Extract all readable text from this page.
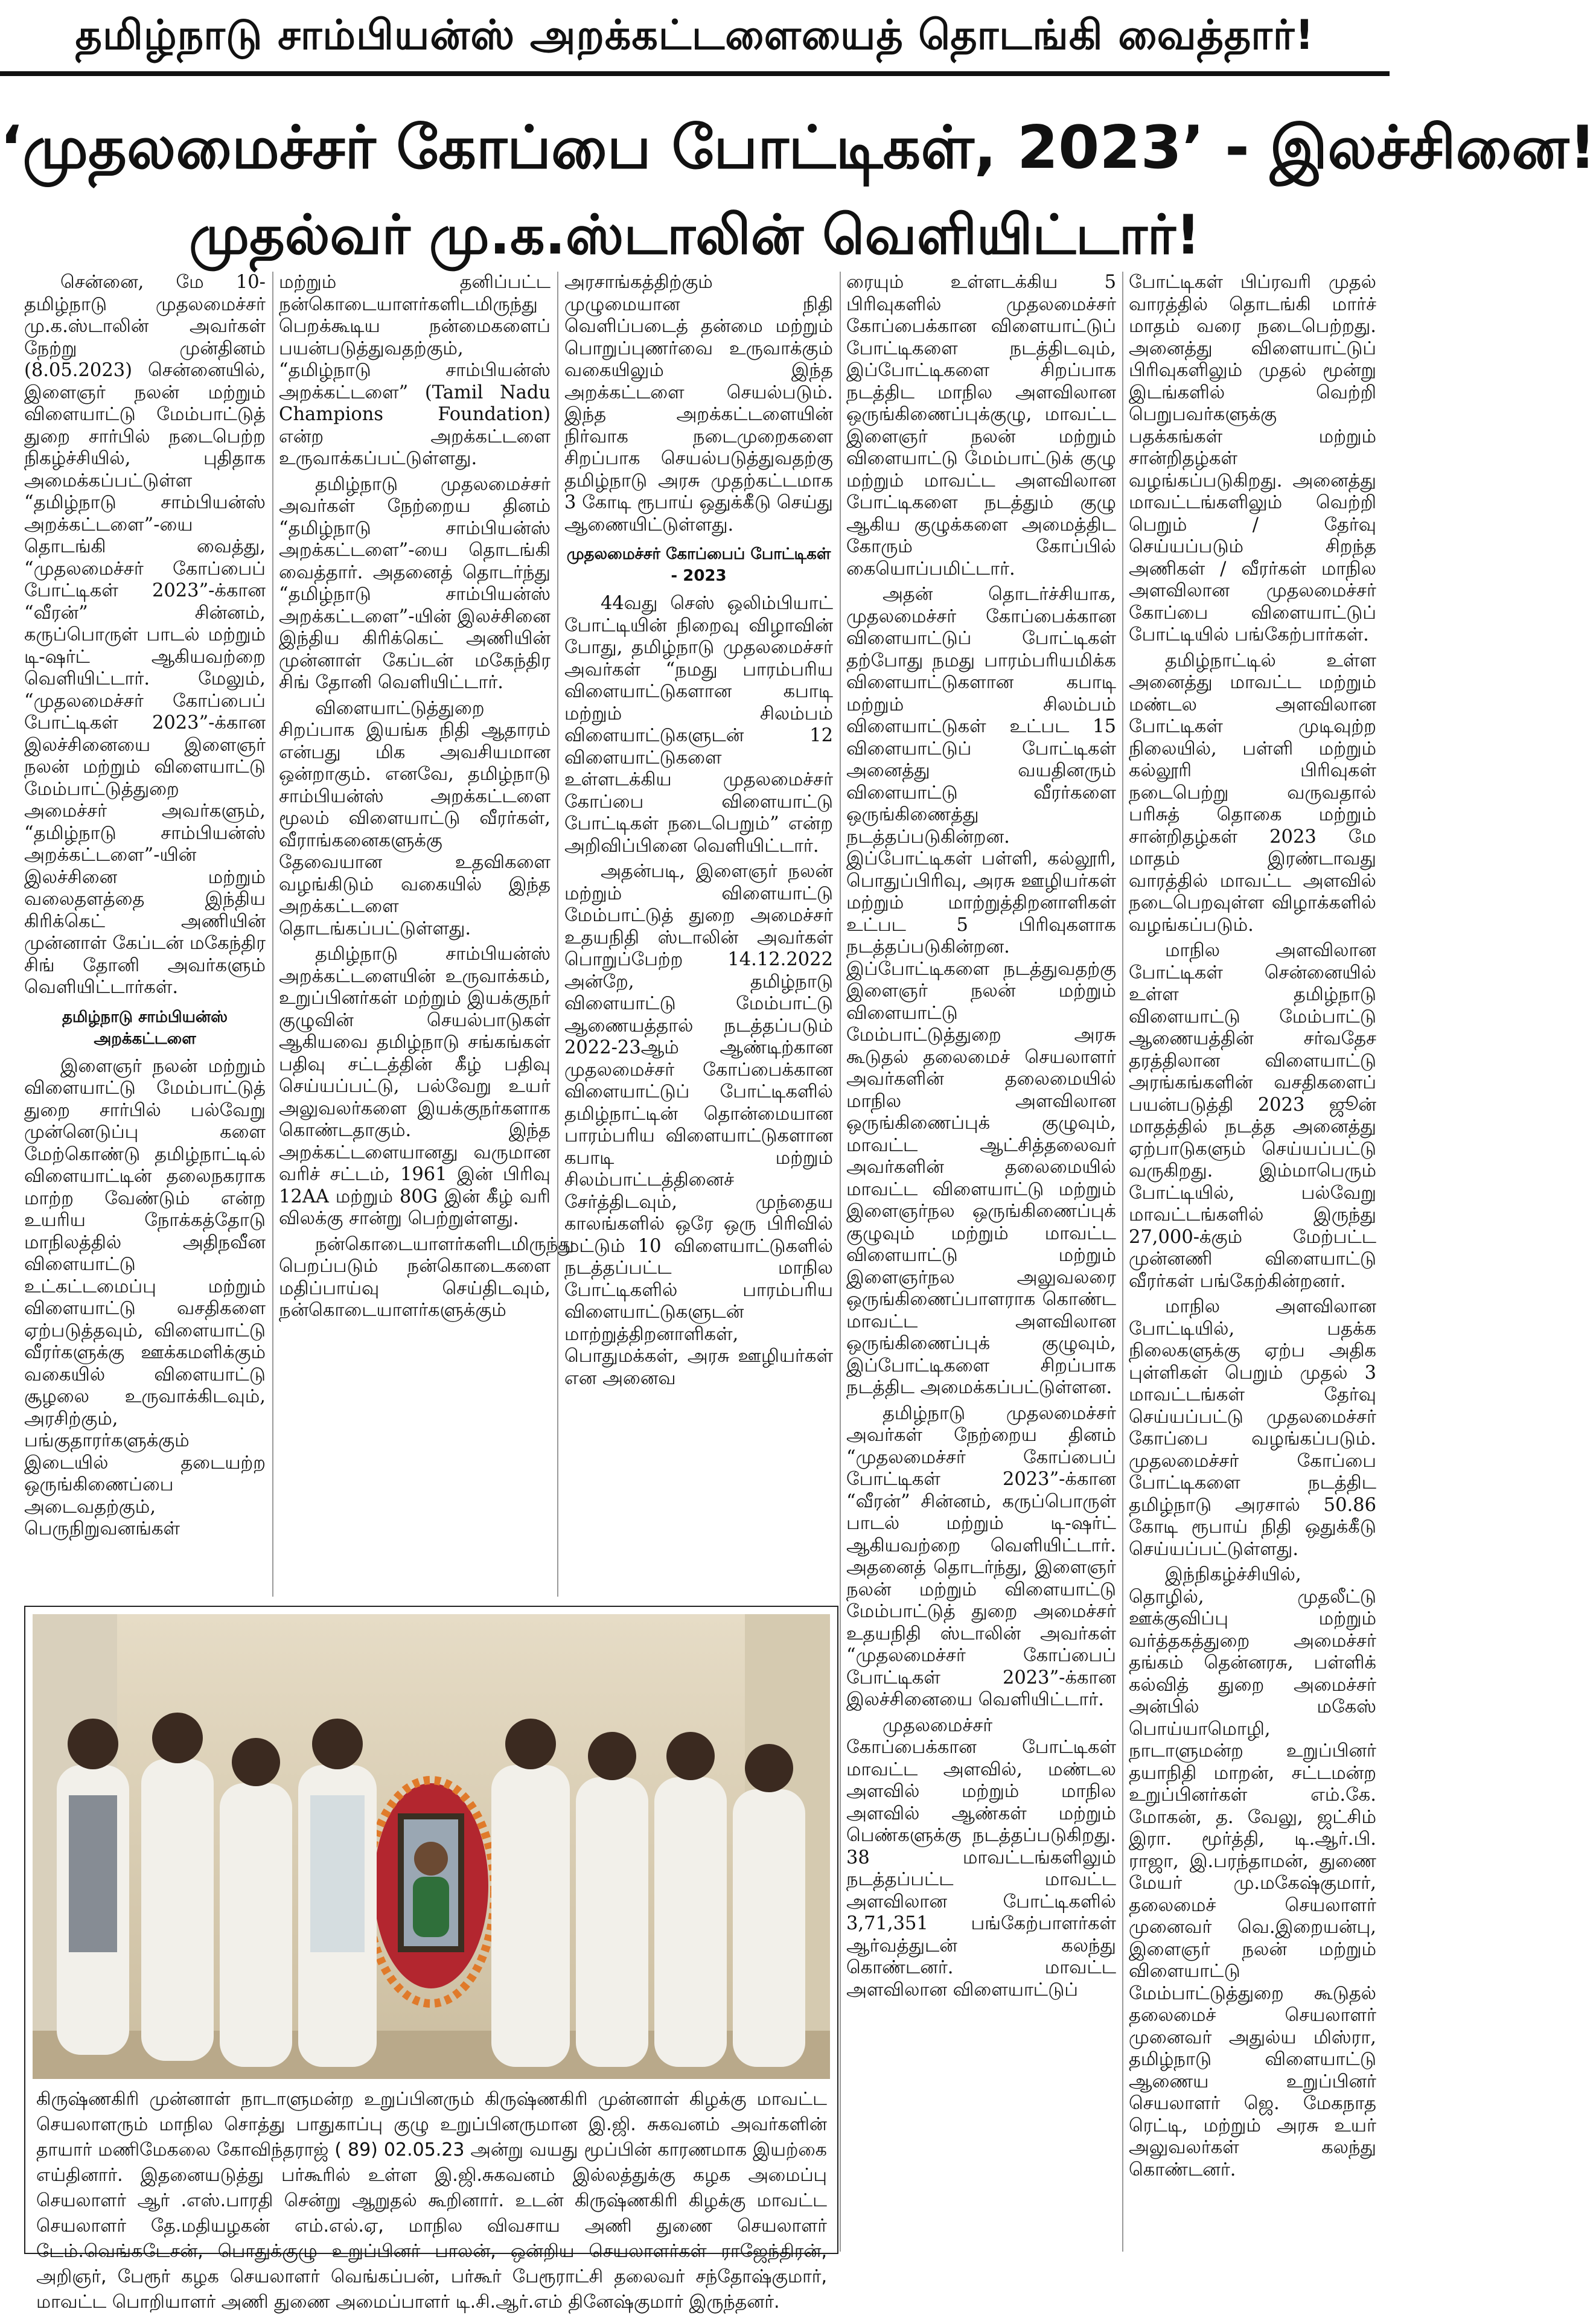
தமிழ்நாடு சாம்பியன்ஸ் அறக்கட்டளையைத் தொடங்கி வைத்தார்!
‘முதலமைச்சர் கோப்பை போட்டிகள், 2023’ - இலச்சினை!
முதல்வர் மு.க.ஸ்டாலின் வெளியிட்டார்!

சென்னை, மே 10- தமிழ்நாடு முதலமைச்சர் மு.க.ஸ்டாலின் அவர்கள் நேற்று முன்தினம் (8.05.2023) சென்னையில், இளைஞர் நலன் மற்றும் விளையாட்டு மேம்பாட்டுத் துறை சார்பில் நடைபெற்ற நிகழ்ச்சியில், புதிதாக அமைக்கப்பட்டுள்ள “தமிழ்நாடு சாம்பியன்ஸ் அறக்கட்டளை”-யை தொடங்கி வைத்து, “முதலமைச்சர் கோப்பைப் போட்டிகள் 2023”-க்கான “வீரன்” சின்னம், கருப்பொருள் பாடல் மற்றும் டி-ஷர்ட் ஆகியவற்றை வெளியிட்டார். மேலும், “முதலமைச்சர் கோப்பைப் போட்டிகள் 2023”-க்கான இலச்சினையை இளைஞர் நலன் மற்றும் விளையாட்டு மேம்பாட்டுத்துறை அமைச்சர் அவர்களும், “தமிழ்நாடு சாம்பியன்ஸ் அறக்கட்டளை”-யின் இலச்சினை மற்றும் வலைதளத்தை இந்திய கிரிக்கெட் அணியின் முன்னாள் கேப்டன் மகேந்திர சிங் தோனி அவர்களும் வெளியிட்டார்கள்.

தமிழ்நாடு சாம்பியன்ஸ் அறக்கட்டளை

இளைஞர் நலன் மற்றும் விளையாட்டு மேம்பாட்டுத் துறை சார்பில் பல்வேறு முன்னெடுப்பு களை மேற்கொண்டு தமிழ்நாட்டில் விளையாட்டின் தலைநகராக மாற்ற வேண்டும் என்ற உயரிய நோக்கத்தோடு மாநிலத்தில் அதிநவீன விளையாட்டு உட்கட்டமைப்பு மற்றும் விளையாட்டு வசதிகளை ஏற்படுத்தவும், விளையாட்டு வீரர்களுக்கு ஊக்கமளிக்கும் வகையில் விளையாட்டு சூழலை உருவாக்கிடவும், அரசிற்கும், பங்குதாரர்களுக்கும் இடையில் தடையற்ற ஒருங்கிணைப்பை அடைவதற்கும், பெருநிறுவனங்கள்

மற்றும் தனிப்பட்ட நன்கொடையாளர்களிடமிருந்து பெறக்கூடிய நன்மைகளைப் பயன்படுத்துவதற்கும், “தமிழ்நாடு சாம்பியன்ஸ் அறக்கட்டளை” (Tamil Nadu Champions Foundation) என்ற அறக்கட்டளை உருவாக்கப்பட்டுள்ளது.

தமிழ்நாடு முதலமைச்சர் அவர்கள் நேற்றைய தினம் “தமிழ்நாடு சாம்பியன்ஸ் அறக்கட்டளை”-யை தொடங்கி வைத்தார். அதனைத் தொடர்ந்து “தமிழ்நாடு சாம்பியன்ஸ் அறக்கட்டளை”-யின் இலச்சினை இந்திய கிரிக்கெட் அணியின் முன்னாள் கேப்டன் மகேந்திர சிங் தோனி வெளியிட்டார்.

விளையாட்டுத்துறை சிறப்பாக இயங்க நிதி ஆதாரம் என்பது மிக அவசியமான ஒன்றாகும். எனவே, தமிழ்நாடு சாம்பியன்ஸ் அறக்கட்டளை மூலம் விளையாட்டு வீரர்கள், வீராங்கனைகளுக்கு தேவையான உதவிகளை வழங்கிடும் வகையில் இந்த அறக்கட்டளை தொடங்கப்பட்டுள்ளது.

தமிழ்நாடு சாம்பியன்ஸ் அறக்கட்டளையின் உருவாக்கம், உறுப்பினர்கள் மற்றும் இயக்குநர் குழுவின் செயல்பாடுகள் ஆகியவை தமிழ்நாடு சங்கங்கள் பதிவு சட்டத்தின் கீழ் பதிவு செய்யப்பட்டு, பல்வேறு உயர் அலுவலர்களை இயக்குநர்களாக கொண்டதாகும். இந்த அறக்கட்டளையானது வருமான வரிச் சட்டம், 1961 இன் பிரிவு 12AA மற்றும் 80G இன் கீழ் வரி விலக்கு சான்று பெற்றுள்ளது.

நன்கொடையாளர்களிடமிருந்து பெறப்படும் நன்கொடைகளை மதிப்பாய்வு செய்திடவும், நன்கொடையாளர்களுக்கும்

அரசாங்கத்திற்கும் முழுமையான நிதி வெளிப்படைத் தன்மை மற்றும் பொறுப்புணர்வை உருவாக்கும் வகையிலும் இந்த அறக்கட்டளை செயல்படும். இந்த அறக்கட்டளையின் நிர்வாக நடைமுறைகளை சிறப்பாக செயல்படுத்துவதற்கு தமிழ்நாடு அரசு முதற்கட்டமாக 3 கோடி ரூபாய் ஒதுக்கீடு செய்து ஆணையிட்டுள்ளது.

முதலமைச்சர் கோப்பைப் போட்டிகள் - 2023

44வது செஸ் ஒலிம்பியாட் போட்டியின் நிறைவு விழாவின் போது, தமிழ்நாடு முதலமைச்சர் அவர்கள் “நமது பாரம்பரிய விளையாட்டுகளான கபாடி மற்றும் சிலம்பம் விளையாட்டுகளுடன் 12 விளையாட்டுகளை உள்ளடக்கிய முதலமைச்சர் கோப்பை விளையாட்டு போட்டிகள் நடைபெறும்” என்ற அறிவிப்பினை வெளியிட்டார்.

அதன்படி, இளைஞர் நலன் மற்றும் விளையாட்டு மேம்பாட்டுத் துறை அமைச்சர் உதயநிதி ஸ்டாலின் அவர்கள் பொறுப்பேற்ற 14.12.2022 அன்றே, தமிழ்நாடு விளையாட்டு மேம்பாட்டு ஆணையத்தால் நடத்தப்படும் 2022-23ஆம் ஆண்டிற்கான முதலமைச்சர் கோப்பைக்கான விளையாட்டுப் போட்டிகளில் தமிழ்நாட்டின் தொன்மையான பாரம்பரிய விளையாட்டுகளான கபாடி மற்றும் சிலம்பாட்டத்தினைச் சேர்த்திடவும், முந்தைய காலங்களில் ஒரே ஒரு பிரிவில் மட்டும் 10 விளையாட்டுகளில் நடத்தப்பட்ட மாநில போட்டிகளில் பாரம்பரிய விளையாட்டுகளுடன் மாற்றுத்திறனாளிகள், பொதுமக்கள், அரசு ஊழியர்கள் என அனைவ

ரையும் உள்ளடக்கிய 5 பிரிவுகளில் முதலமைச்சர் கோப்பைக்கான விளையாட்டுப் போட்டிகளை நடத்திடவும், இப்போட்டிகளை சிறப்பாக நடத்திட மாநில அளவிலான ஒருங்கிணைப்புக்குழு, மாவட்ட இளைஞர் நலன் மற்றும் விளையாட்டு மேம்பாட்டுக் குழு மற்றும் மாவட்ட அளவிலான போட்டிகளை நடத்தும் குழு ஆகிய குழுக்களை அமைத்திட கோரும் கோப்பில் கையொப்பமிட்டார்.

அதன் தொடர்ச்சியாக, முதலமைச்சர் கோப்பைக்கான விளையாட்டுப் போட்டிகள் தற்போது நமது பாரம்பரியமிக்க விளையாட்டுகளான கபாடி மற்றும் சிலம்பம் விளையாட்டுகள் உட்பட 15 விளையாட்டுப் போட்டிகள் அனைத்து வயதினரும் விளையாட்டு வீரர்களை ஒருங்கிணைத்து நடத்தப்படுகின்றன. இப்போட்டிகள் பள்ளி, கல்லூரி, பொதுப்பிரிவு, அரசு ஊழியர்கள் மற்றும் மாற்றுத்திறனாளிகள் உட்பட 5 பிரிவுகளாக நடத்தப்படுகின்றன. இப்போட்டிகளை நடத்துவதற்கு இளைஞர் நலன் மற்றும் விளையாட்டு மேம்பாட்டுத்துறை அரசு கூடுதல் தலைமைச் செயலாளர் அவர்களின் தலைமையில் மாநில அளவிலான ஒருங்கிணைப்புக் குழுவும், மாவட்ட ஆட்சித்தலைவர் அவர்களின் தலைமையில் மாவட்ட விளையாட்டு மற்றும் இளைஞர்நல ஒருங்கிணைப்புக் குழுவும் மற்றும் மாவட்ட விளையாட்டு மற்றும் இளைஞர்நல அலுவலரை ஒருங்கிணைப்பாளராக கொண்ட மாவட்ட அளவிலான ஒருங்கிணைப்புக் குழுவும், இப்போட்டிகளை சிறப்பாக நடத்திட அமைக்கப்பட்டுள்ளன.

தமிழ்நாடு முதலமைச்சர் அவர்கள் நேற்றைய தினம் “முதலமைச்சர் கோப்பைப் போட்டிகள் 2023”-க்கான “வீரன்” சின்னம், கருப்பொருள் பாடல் மற்றும் டி-ஷர்ட் ஆகியவற்றை வெளியிட்டார். அதனைத் தொடர்ந்து, இளைஞர் நலன் மற்றும் விளையாட்டு மேம்பாட்டுத் துறை அமைச்சர் உதயநிதி ஸ்டாலின் அவர்கள் “முதலமைச்சர் கோப்பைப் போட்டிகள் 2023”-க்கான இலச்சினையை வெளியிட்டார்.

முதலமைச்சர் கோப்பைக்கான போட்டிகள் மாவட்ட அளவில், மண்டல அளவில் மற்றும் மாநில அளவில் ஆண்கள் மற்றும் பெண்களுக்கு நடத்தப்படுகிறது. 38 மாவட்டங்களிலும் நடத்தப்பட்ட மாவட்ட அளவிலான போட்டிகளில் 3,71,351 பங்கேற்பாளர்கள் ஆர்வத்துடன் கலந்து கொண்டனர். மாவட்ட அளவிலான விளையாட்டுப்

போட்டிகள் பிப்ரவரி முதல் வாரத்தில் தொடங்கி மார்ச் மாதம் வரை நடைபெற்றது. அனைத்து விளையாட்டுப் பிரிவுகளிலும் முதல் மூன்று இடங்களில் வெற்றி பெறுபவர்களுக்கு பதக்கங்கள் மற்றும் சான்றிதழ்கள் வழங்கப்படுகிறது. அனைத்து மாவட்டங்களிலும் வெற்றி பெறும் / தேர்வு செய்யப்படும் சிறந்த அணிகள் / வீரர்கள் மாநில அளவிலான முதலமைச்சர் கோப்பை விளையாட்டுப் போட்டியில் பங்கேற்பார்கள்.

தமிழ்நாட்டில் உள்ள அனைத்து மாவட்ட மற்றும் மண்டல அளவிலான போட்டிகள் முடிவுற்ற நிலையில், பள்ளி மற்றும் கல்லூரி பிரிவுகள் நடைபெற்று வருவதால் பரிசுத் தொகை மற்றும் சான்றிதழ்கள் 2023 மே மாதம் இரண்டாவது வாரத்தில் மாவட்ட அளவில் நடைபெறவுள்ள விழாக்களில் வழங்கப்படும்.

மாநில அளவிலான போட்டிகள் சென்னையில் உள்ள தமிழ்நாடு விளையாட்டு மேம்பாட்டு ஆணையத்தின் சர்வதேச தரத்திலான விளையாட்டு அரங்கங்களின் வசதிகளைப் பயன்படுத்தி 2023 ஜூன் மாதத்தில் நடத்த அனைத்து ஏற்பாடுகளும் செய்யப்பட்டு வருகிறது. இம்மாபெரும் போட்டியில், பல்வேறு மாவட்டங்களில் இருந்து 27,000-க்கும் மேற்பட்ட முன்னணி விளையாட்டு வீரர்கள் பங்கேற்கின்றனர்.

மாநில அளவிலான போட்டியில், பதக்க நிலைகளுக்கு ஏற்ப அதிக புள்ளிகள் பெறும் முதல் 3 மாவட்டங்கள் தேர்வு செய்யப்பட்டு முதலமைச்சர் கோப்பை வழங்கப்படும். முதலமைச்சர் கோப்பை போட்டிகளை நடத்திட தமிழ்நாடு அரசால் 50.86 கோடி ரூபாய் நிதி ஒதுக்கீடு செய்யப்பட்டுள்ளது.

இந்நிகழ்ச்சியில், தொழில், முதலீட்டு ஊக்குவிப்பு மற்றும் வர்த்தகத்துறை அமைச்சர் தங்கம் தென்னரசு, பள்ளிக் கல்வித் துறை அமைச்சர் அன்பில் மகேஸ் பொய்யாமொழி, நாடாளுமன்ற உறுப்பினர் தயாநிதி மாறன், சட்டமன்ற உறுப்பினர்கள் எம்.கே. மோகன், த. வேலு, ஜட்சிம் இரா. மூர்த்தி, டி.ஆர்.பி. ராஜா, இ.பரந்தாமன், துணை மேயர் மு.மகேஷ்குமார், தலைமைச் செயலாளர் முனைவர் வெ.இறையன்பு, இளைஞர் நலன் மற்றும் விளையாட்டு மேம்பாட்டுத்துறை கூடுதல் தலைமைச் செயலாளர் முனைவர் அதுல்ய மிஸ்ரா, தமிழ்நாடு விளையாட்டு ஆணைய உறுப்பினர் செயலாளர் ஜெ. மேகநாத ரெட்டி, மற்றும் அரசு உயர் அலுவலர்கள் கலந்து கொண்டனர்.

கிருஷ்ணகிரி முன்னாள் நாடாளுமன்ற உறுப்பினரும் கிருஷ்ணகிரி முன்னாள் கிழக்கு மாவட்ட செயலாளரும் மாநில சொத்து பாதுகாப்பு குழு உறுப்பினருமான இ.ஜி. சுகவனம் அவர்களின் தாயார் மணிமேகலை கோவிந்தராஜ் ( 89) 02.05.23 அன்று வயது மூப்பின் காரணமாக இயற்கை எய்தினார். இதனையடுத்து பர்கூரில் உள்ள இ.ஜி.சுகவனம் இல்லத்துக்கு கழக அமைப்பு செயலாளர் ஆர் .எஸ்.பாரதி சென்று ஆறுதல் கூறினார். உடன் கிருஷ்ணகிரி கிழக்கு மாவட்ட செயலாளர் தே.மதியழகன் எம்.எல்.ஏ, மாநில விவசாய அணி துணை செயலாளர் டேம்.வெங்கடேசன், பொதுக்குழு உறுப்பினர் பாலன், ஒன்றிய செயலாளர்கள் ராஜேந்திரன், அறிஞர், பேரூர் கழக செயலாளர் வெங்கப்பன், பர்கூர் பேரூராட்சி தலைவர் சந்தோஷ்குமார், மாவட்ட பொறியாளர் அணி துணை அமைப்பாளர் டி.சி.ஆர்.எம் தினேஷ்குமார் இருந்தனர்.
